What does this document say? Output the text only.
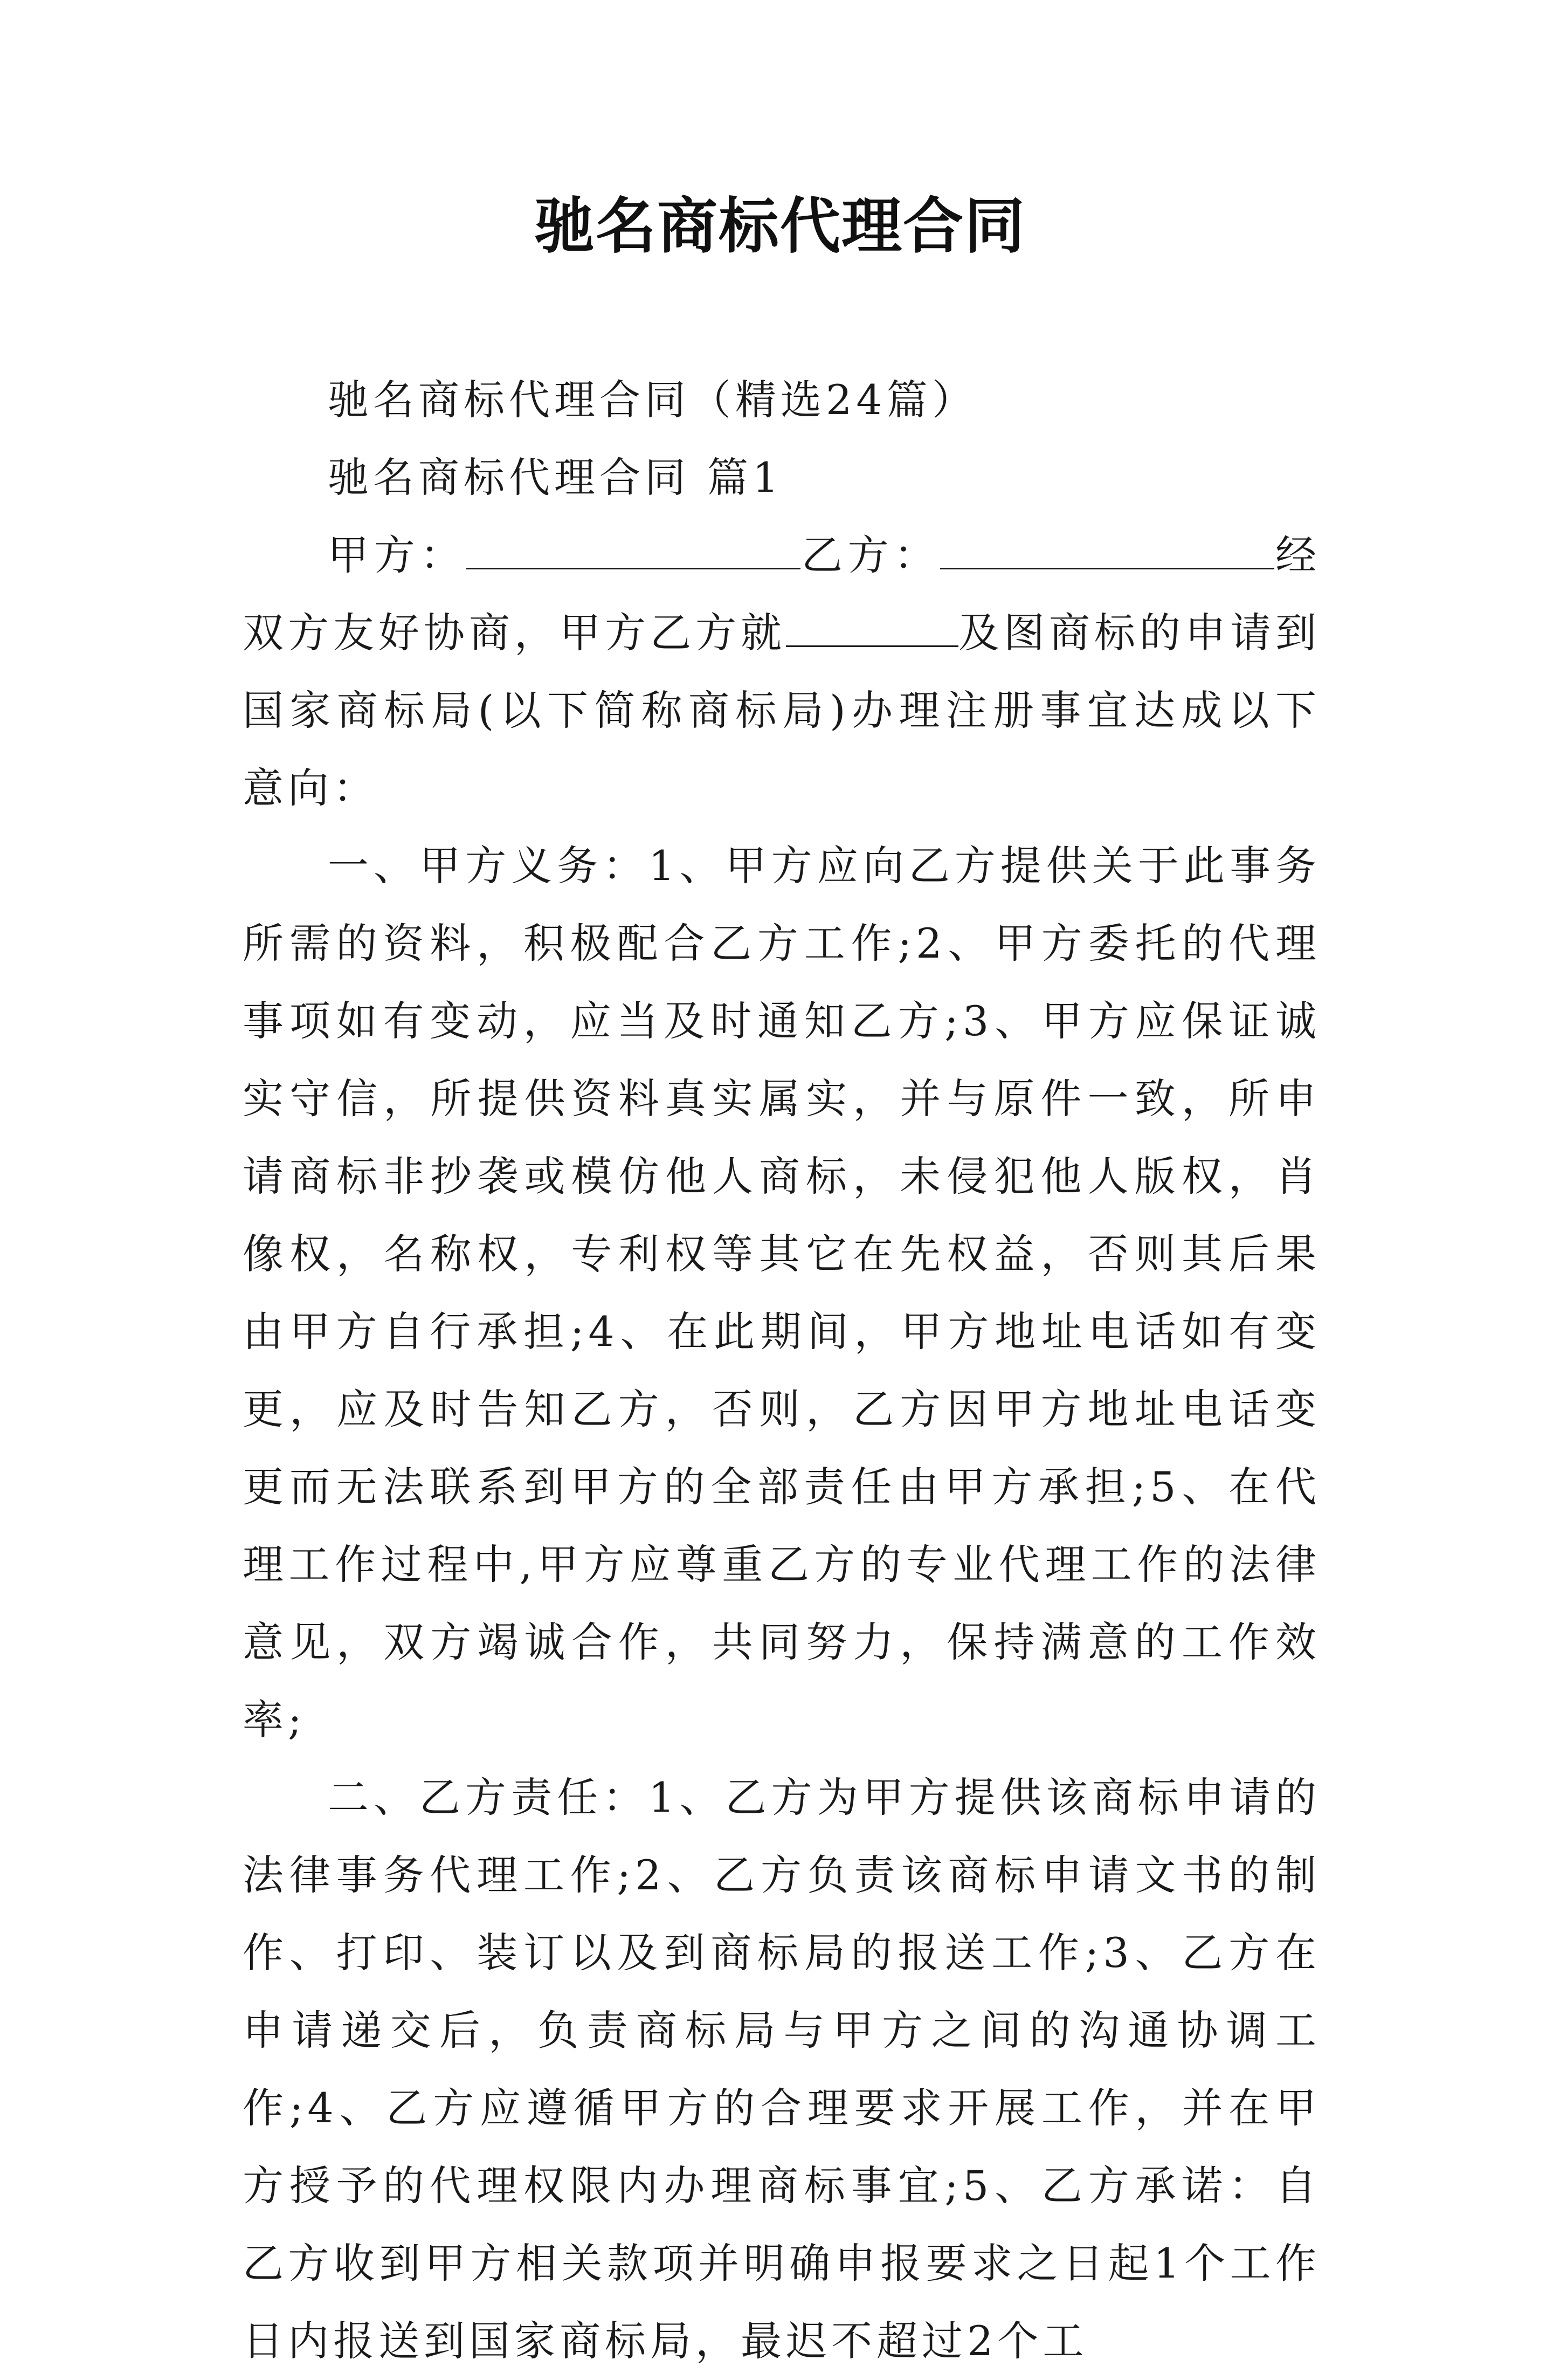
驰名商标代理合同

驰名商标代理合同（精选24篇）

驰名商标代理合同 篇1

甲方：	乙方：	经双方友好协商，甲方乙方就	及图商标的申请到国家商标局(以下简称商标局)办理注册事宜达成以下意向：

一、甲方义务：1、甲方应向乙方提供关于此事务所需的资料，积极配合乙方工作;2、甲方委托的代理事项如有变动，应当及时通知乙方;3、甲方应保证诚实守信，所提供资料真实属实，并与原件一致，所申请商标非抄袭或模仿他人商标，未侵犯他人版权，肖像权，名称权，专利权等其它在先权益，否则其后果由甲方自行承担;4、在此期间，甲方地址电话如有变更，应及时告知乙方，否则，乙方因甲方地址电话变更而无法联系到甲方的全部责任由甲方承担;5、在代理工作过程中,甲方应尊重乙方的专业代理工作的法律意见，双方竭诚合作，共同努力，保持满意的工作效率;

二、乙方责任：1、乙方为甲方提供该商标申请的法律事务代理工作;2、乙方负责该商标申请文书的制作、打印、装订以及到商标局的报送工作;3、乙方在申请递交后，负责商标局与甲方之间的沟通协调工作;4、乙方应遵循甲方的合理要求开展工作，并在甲方授予的代理权限内办理商标事宜;5、乙方承诺：自乙方收到甲方相关款项并明确申报要求之日起1个工作日内报送到国家商标局，最迟不超过2个工
